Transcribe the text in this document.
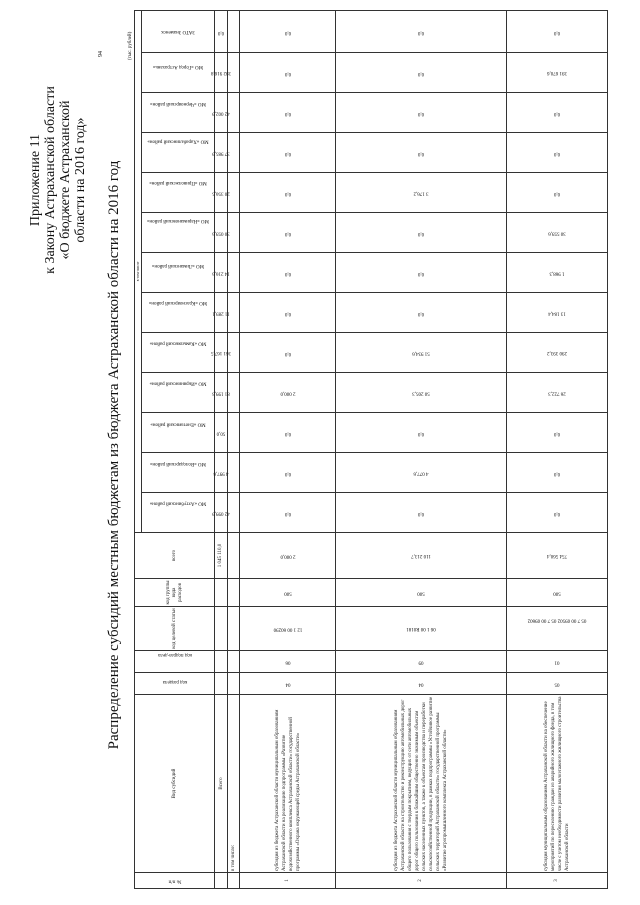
94
Приложение 11 к Закону Астраханской области «О бюджете Астраханской области на 2016 год» Распределение субсидий местным бюджетам из бюджета Астраханской области на 2016 год
(тыс. рублей)
№ п/п	Вид субсидий	код раздела	код подраз-дела	код целевой статьи	код группы вида расходов	всего	в том числе												
							МО «Ахтубинский район»	МО «Володарский район»	МО «Енотаевский район»	МО «Икрянинский район»	МО «Камызякский район»	МО «Красноярский район»	МО «Лиманский район»	МО «Наримановский район»	МО «Приволжский район»	МО «Харабалинский район»	МО «Черноярский район»	МО «Город Астрахань»	ЗАТО Знаменск
	Всего					1 045 110,0	42 099,9	4 997,6	50,0	81 199,3	361 167,5	11 289,1	14 216,6	30 059,6	20 356,5	37 985,9	42 002,9	392 916,8	0,0
	в том числе:																		
1	субсидия из бюджета Астраханской области муниципальным образованиям Астраханской области на реализацию подпрограммы «Развитие водохозяйственного комплекса Астраханской области» государственной программы «Охрана окружающей среды Астраханской области»	04	06	12 1 00 60290	500	2 000,0	0,0	0,0	0,0	2 000,0	0,0	0,0	0,0	0,0	0,0	0,0	0,0	0,0	0,0
2	субсидия из бюджета Астраханской области муниципальным образованиям Астраханской области на строительство и реконструкцию автомобильных дорог общего пользования с твердым покрытием, ведущих от сети автомобильных дорог общего пользования к ближайшим общественно значимым объектам сельских населенных пунктов, а также к объектам производства и переработки сельскохозяйственной продукции, в рамках подпрограммы «Устойчивое развитие сельских территорий Астраханской области» государственной программы «Развитие агропромышленного комплекса Астраханской области»	04	09	06 1 00 R0181	500	110 213,7	0,0	4 077,6	0,0	50 205,3	51 934,6	0,0	0,0	0,0	3 176,2	0,0	0,0	0,0	0,0
3	субсидия муниципальным образованиям Астраханской области на обеспечение мероприятий по переселению граждан из аварийного жилищного фонда, в том числе с учетом необходимости развития малоэтажного жилищного строительства Астраханской области	05	01	05 7 00 09502 05 7 00 09602	500	754 560,4	0,0	0,0	0,0	26 722,3	290 393,2	13 184,4	1 968,3	30 559,6	0,0	0,0	0,0	391 670,6	0,0
